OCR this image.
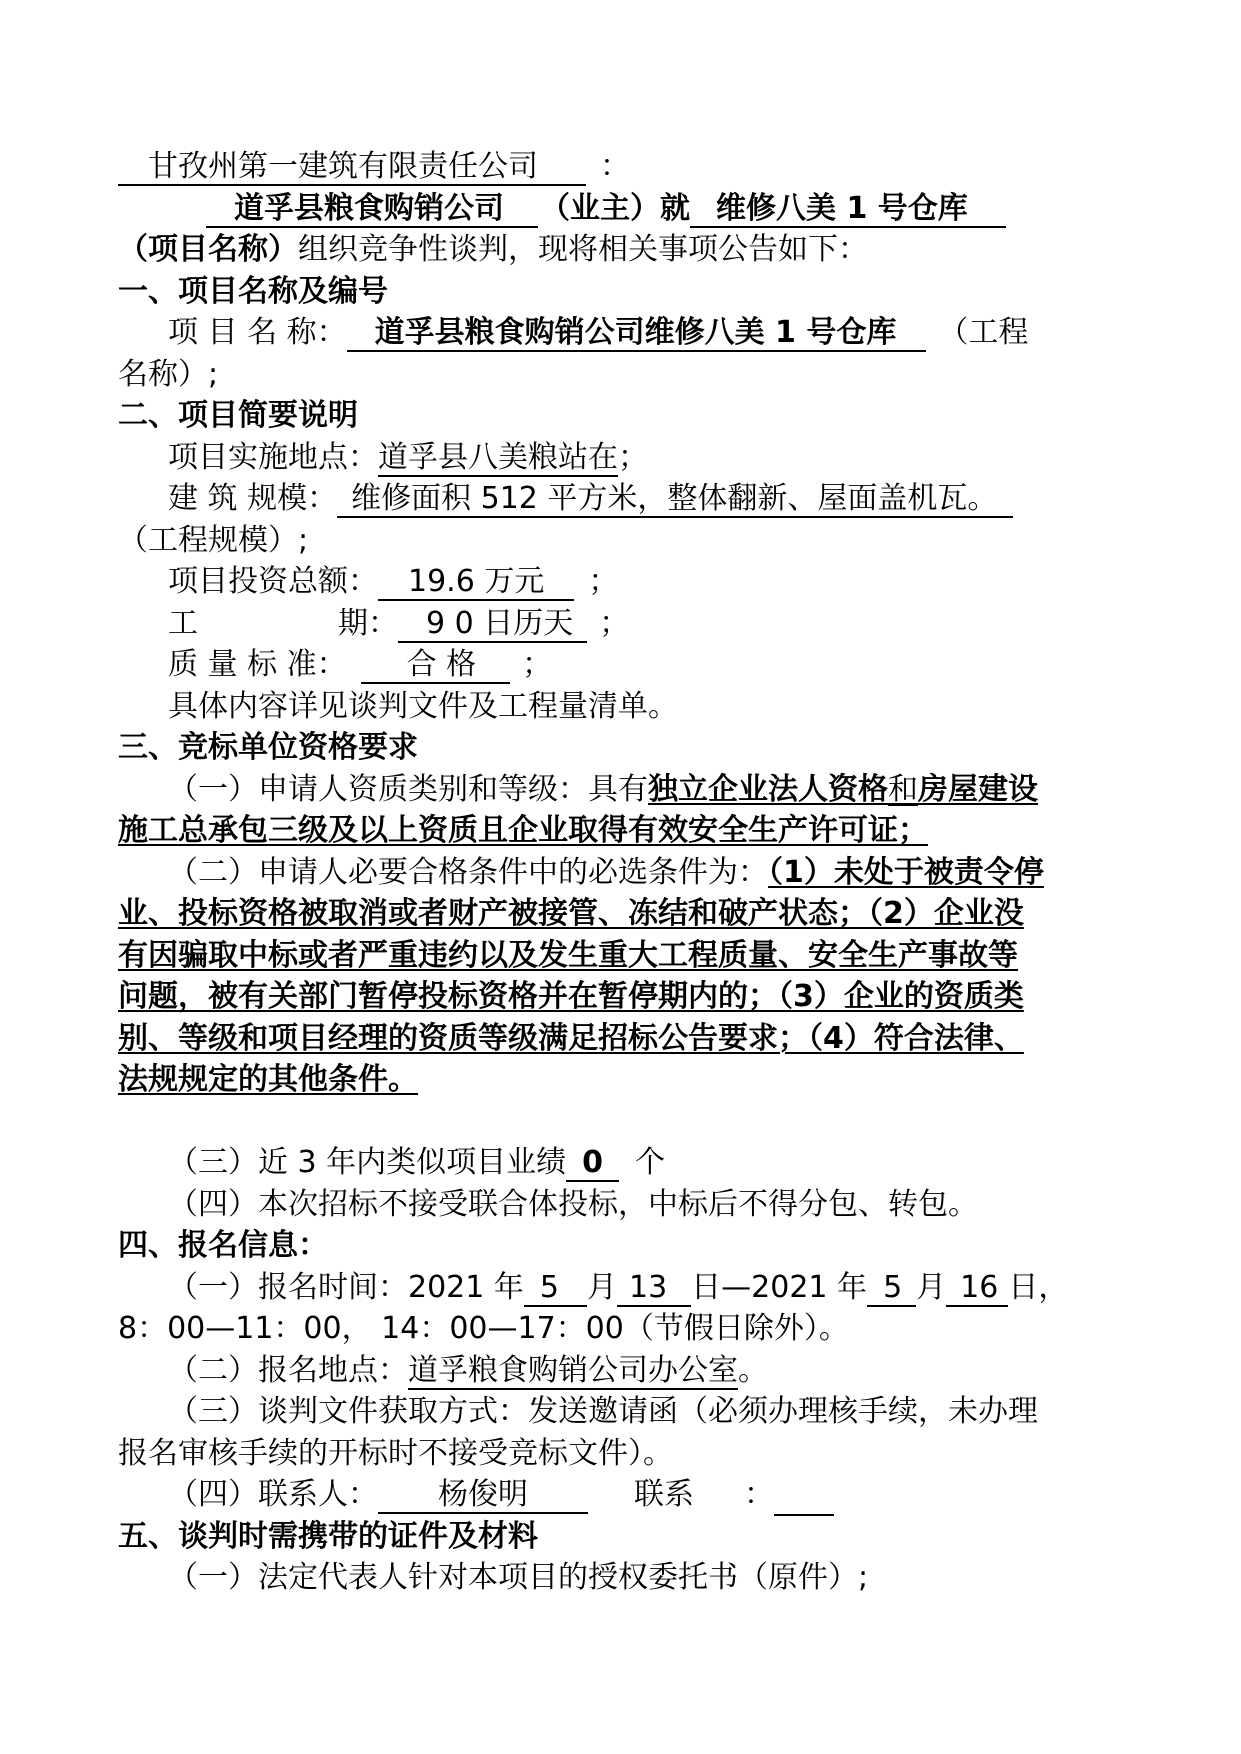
甘孜州第一建筑有限责任公司 ：
道孚县粮食购销公司 （业主）就 维修八美 1 号仓库
（项目名称）组织竞争性谈判，现将相关事项公告如下：
一、项目名称及编号
项 目 名 称： 道孚县粮食购销公司维修八美 1 号仓库 （工程
名称）;
二、项目简要说明
项目实施地点：道孚县八美粮站在；
建 筑 规模： 维修面积 512 平方米，整体翻新、屋面盖机瓦。
（工程规模）;
项目投资总额： 19.6 万元 ；
工	期： 9 0 日历天 ；
质 量 标 准： 合 格 ；
具体内容详见谈判文件及工程量清单。
三、竞标单位资格要求
（一）申请人资质类别和等级：具有独立企业法人资格和房屋建设
施工总承包三级及以上资质且企业取得有效安全生产许可证；
（二）申请人必要合格条件中的必选条件为：（1）未处于被责令停
业、投标资格被取消或者财产被接管、冻结和破产状态；（2）企业没
有因骗取中标或者严重违约以及发生重大工程质量、安全生产事故等
问题，被有关部门暂停投标资格并在暂停期内的；（3）企业的资质类
别、等级和项目经理的资质等级满足招标公告要求；（4）符合法律、
法规规定的其他条件。
（三）近 3 年内类似项目业绩 0 个
（四）本次招标不接受联合体投标，中标后不得分包、转包。
四、报名信息：
（一）报名时间：2021 年 5 月 13 日—2021 年 5 月 16 日，
8：00—11：00， 14：00—17：00（节假日除外）。
（二）报名地点：道孚粮食购销公司办公室。
（三）谈判文件获取方式：发送邀请函（必须办理核手续，未办理
报名审核手续的开标时不接受竞标文件）。
（四）联系人： 杨俊明	联系 ：
五、谈判时需携带的证件及材料
（一）法定代表人针对本项目的授权委托书（原件）;
